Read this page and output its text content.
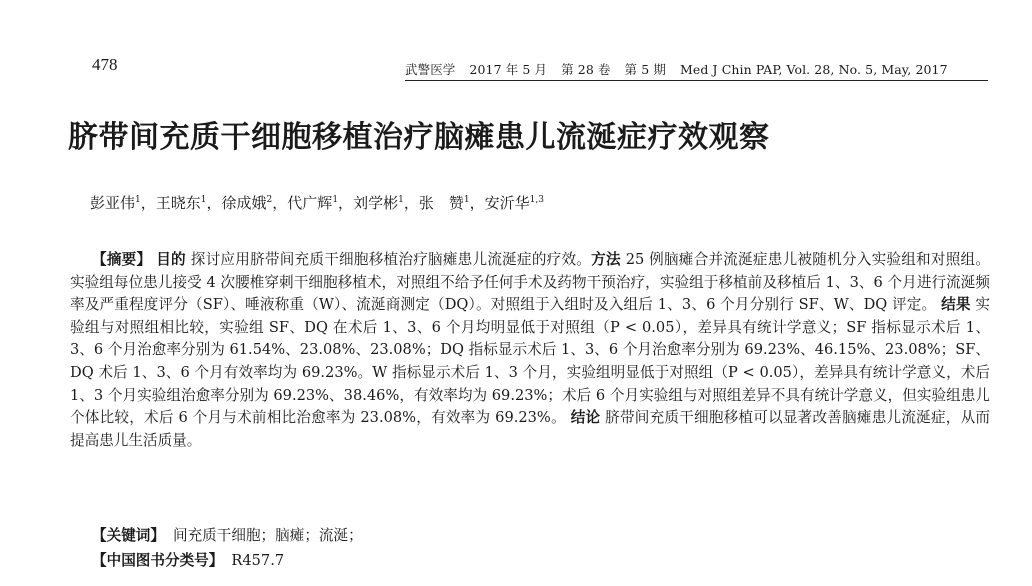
478	武警医学 2017 年 5 月 第 28 卷 第 5 期 Med J Chin PAP, Vol. 28, No. 5, May, 2017
脐带间充质干细胞移植治疗脑瘫患儿流涎症疗效观察
彭亚伟$^1$，王晓东$^1$，徐成娥$^2$，代广辉$^1$，刘学彬$^1$，张　赞$^1$，安沂华$^{1,3}$

【摘要】 目的 探讨应用脐带间充质干细胞移植治疗脑瘫患儿流涎症的疗效。方法 25 例脑瘫合并流涎症患儿被随机分入实验组和对照组。实验组每位患儿接受 4 次腰椎穿刺干细胞移植术，对照组不给予任何手术及药物干预治疗，实验组于移植前及移植后 1、3、6 个月进行流涎频率及严重程度评分（SF）、唾液称重（W）、流涎商测定（DQ）。对照组于入组时及入组后 1、3、6 个月分别行 SF、W、DQ 评定。 结果 实验组与对照组相比较，实验组 SF、DQ 在术后 1、3、6 个月均明显低于对照组（P < 0.05），差异具有统计学意义；SF 指标显示术后 1、3、6 个月治愈率分别为 61.54%、23.08%、23.08%；DQ 指标显示术后 1、3、6 个月治愈率分别为 69.23%、46.15%、23.08%；SF、DQ 术后 1、3、6 个月有效率均为 69.23%。W 指标显示术后 1、3 个月，实验组明显低于对照组（P < 0.05），差异具有统计学意义，术后 1、3 个月实验组治愈率分别为 69.23%、38.46%，有效率均为 69.23%；术后 6 个月实验组与对照组差异不具有统计学意义，但实验组患儿个体比较，术后 6 个月与术前相比治愈率为 23.08%，有效率为 69.23%。 结论 脐带间充质干细胞移植可以显著改善脑瘫患儿流涎症，从而提高患儿生活质量。

【关键词】 间充质干细胞；脑瘫；流涎；
【中国图书分类号】 R457.7
